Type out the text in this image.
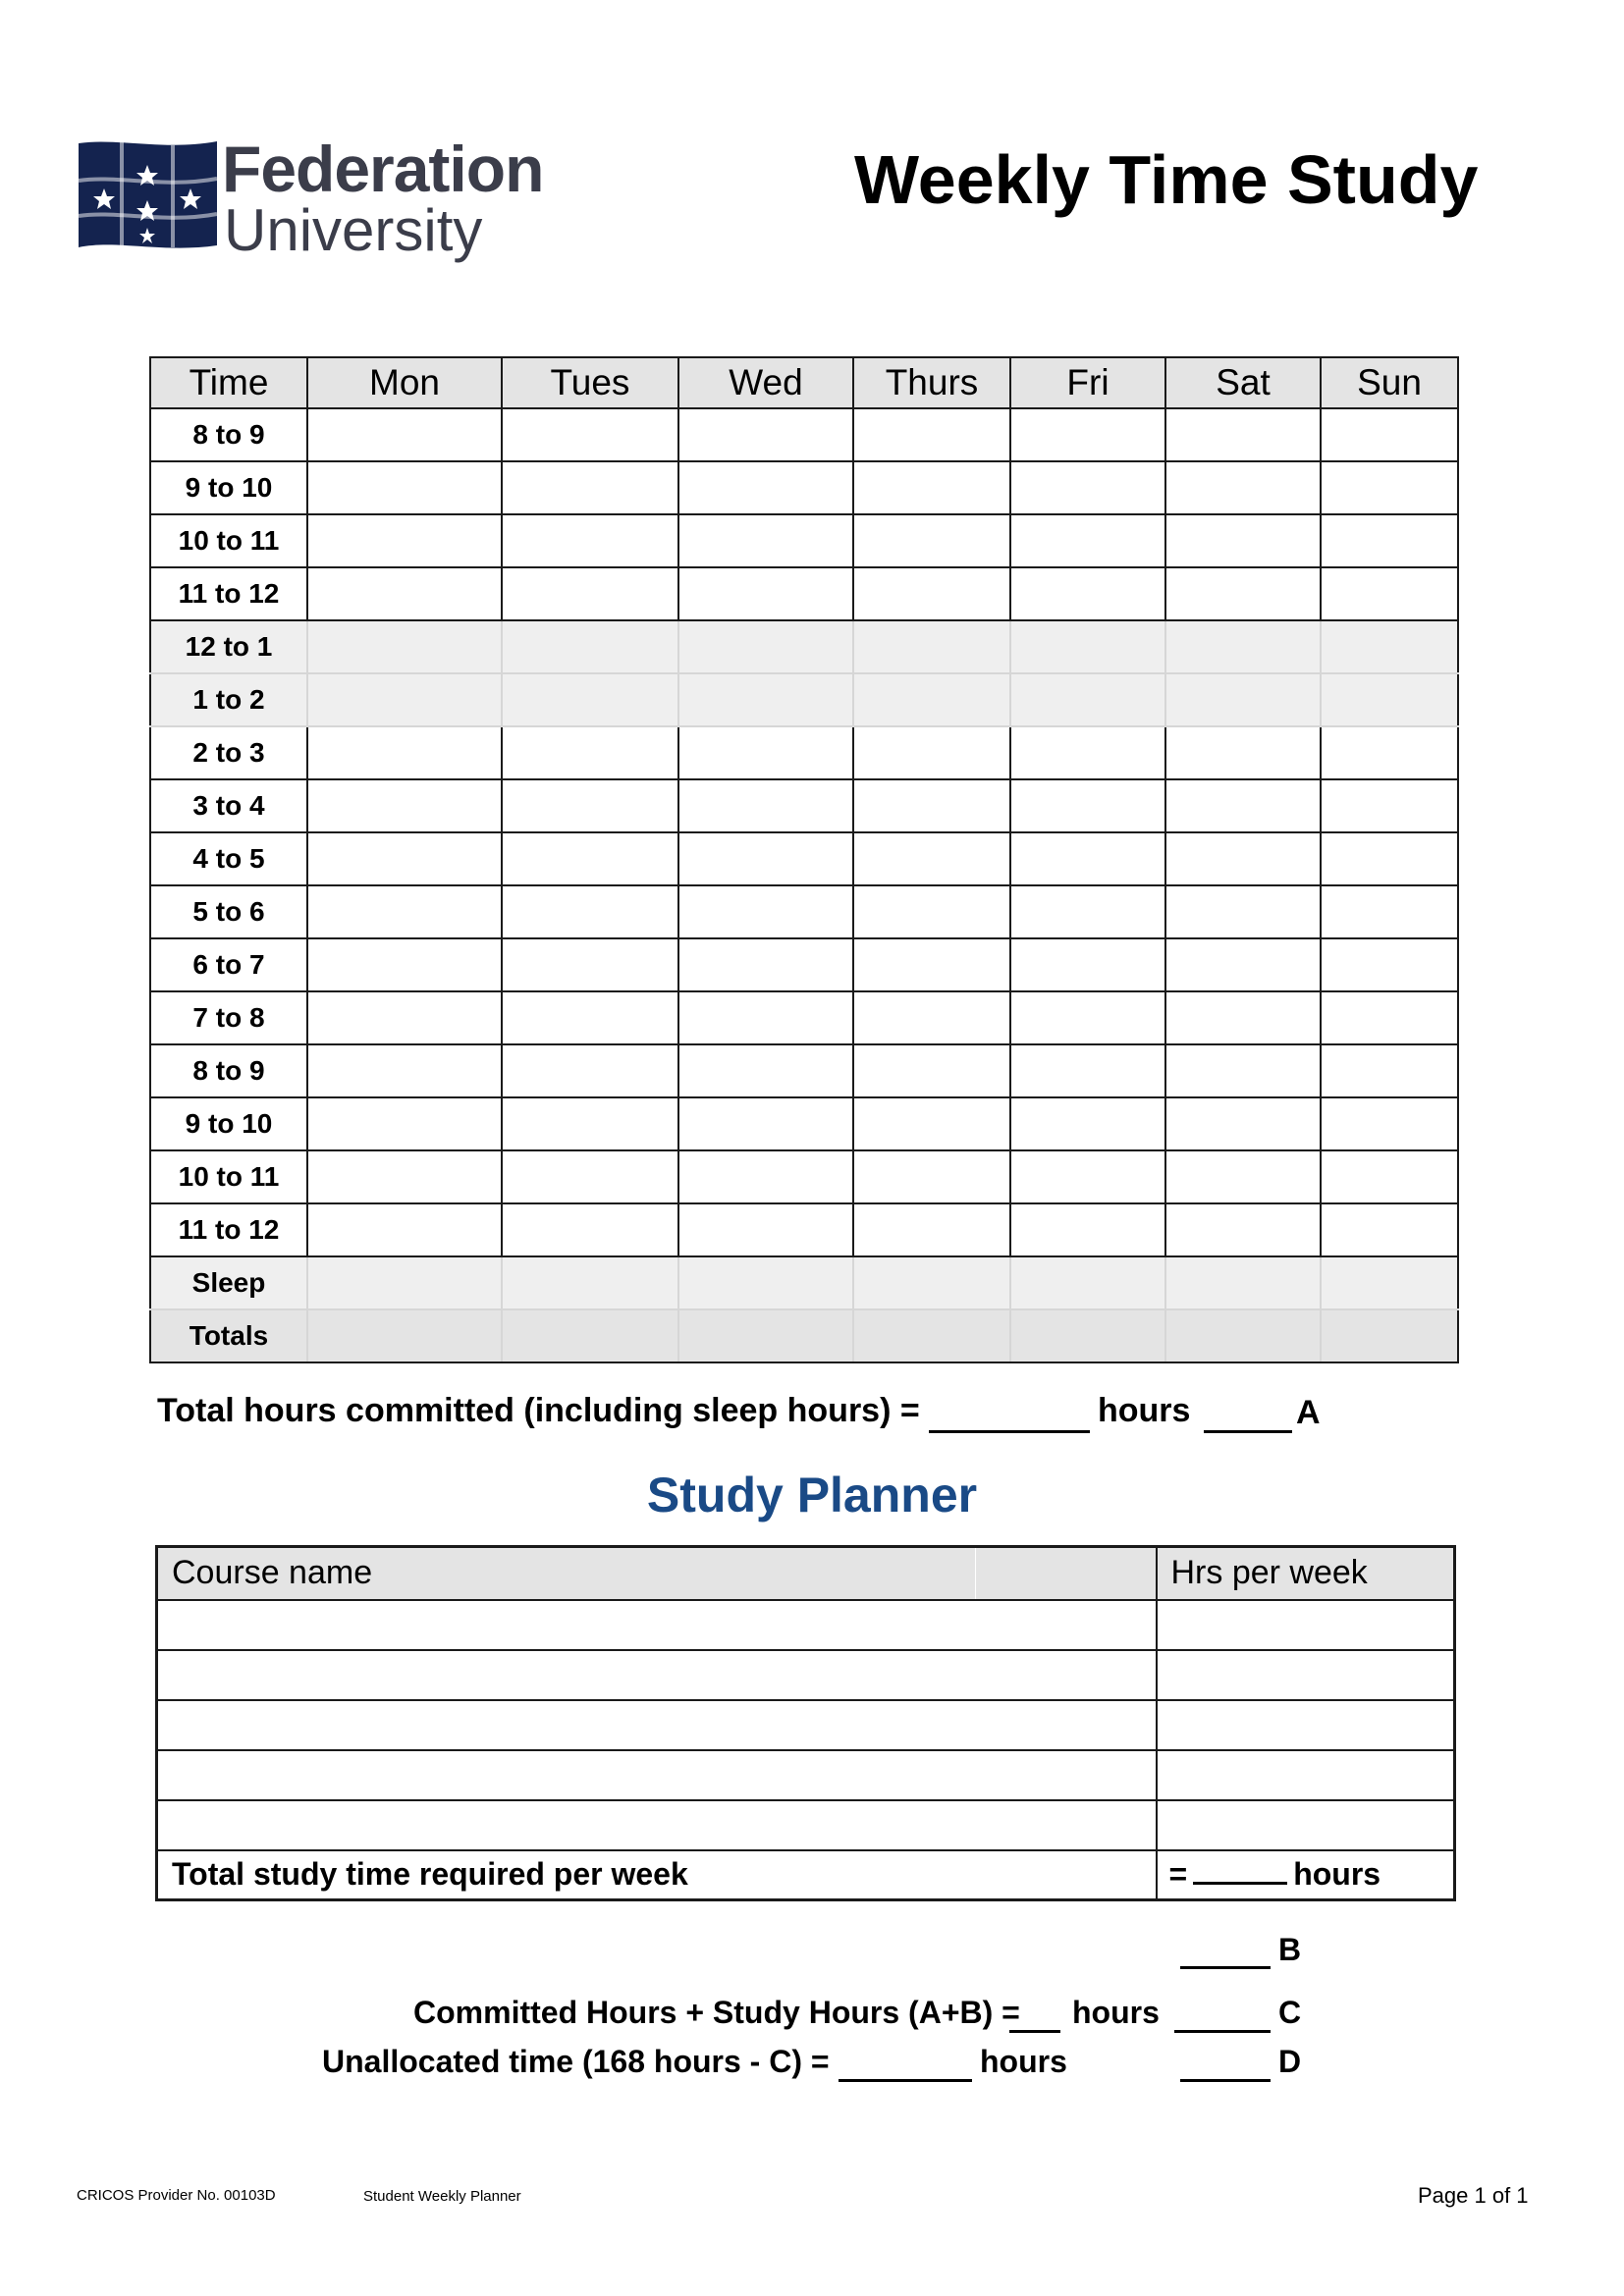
Federation
University
Weekly Time Study
Time	Mon	Tues	Wed	Thurs	Fri	Sat	Sun
8 to 9							
9 to 10							
10 to 11							
11 to 12							
12 to 1							
1 to 2							
2 to 3							
3 to 4							
4 to 5							
5 to 6							
6 to 7							
7 to 8							
8 to 9							
9 to 10							
10 to 11							
11 to 12							
Sleep							
Totals							
Total hours committed (including sleep hours) =	hours	A
Study Planner
Course name		Hrs per week

Total study time required per week		= hours
B
Committed Hours + Study Hours (A+B) = hours	C
Unallocated time (168 hours - C) =	hours	D
CRICOS Provider No. 00103D	Student Weekly Planner	Page 1 of 1
